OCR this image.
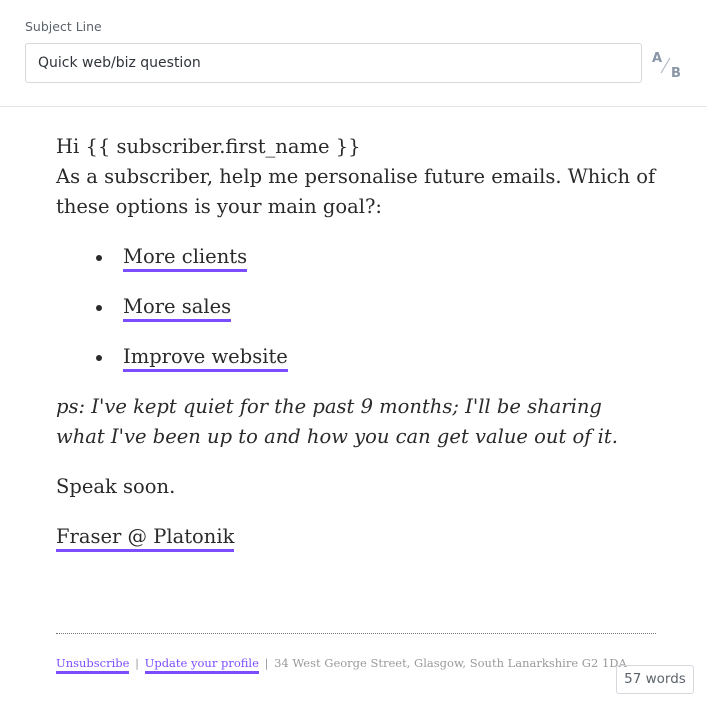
Subject Line
Quick web/biz question
A
B

Hi {{ subscriber.first_name }}

As a subscriber, help me personalise future emails. Which of these options is your main goal?:

More clients
More sales
Improve website

ps: I've kept quiet for the past 9 months; I'll be sharing what I've been up to and how you can get value out of it.

Speak soon.

Fraser @ Platonik

Unsubscribe | Update your profile | 34 West George Street, Glasgow, South Lanarkshire G2 1DA
57 words
